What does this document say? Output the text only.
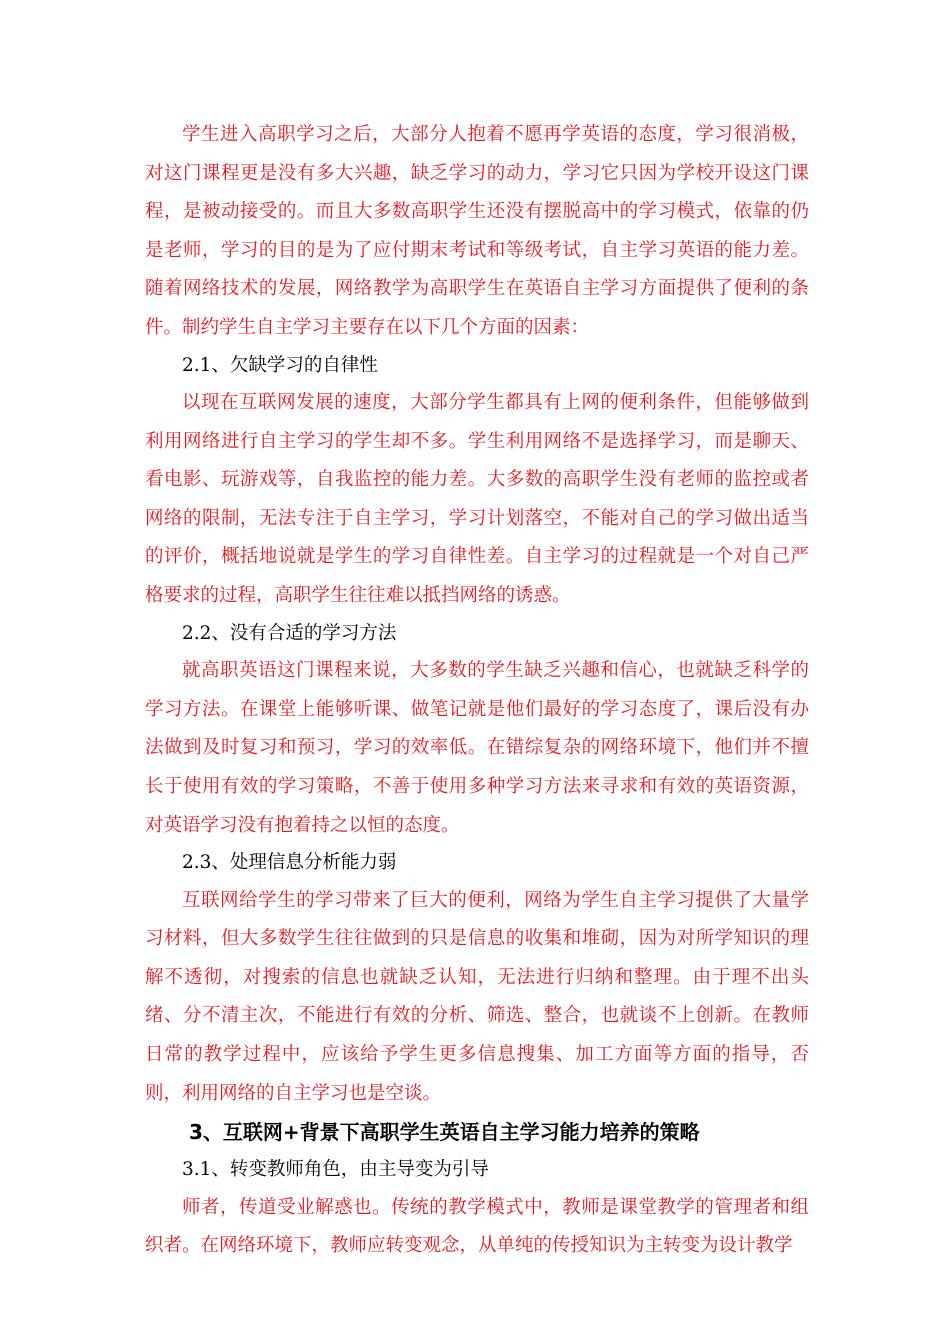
学生进入高职学习之后，大部分人抱着不愿再学英语的态度，学习很消极，对这门课程更是没有多大兴趣，缺乏学习的动力，学习它只因为学校开设这门课程，是被动接受的。而且大多数高职学生还没有摆脱高中的学习模式，依靠的仍是老师，学习的目的是为了应付期末考试和等级考试，自主学习英语的能力差。随着网络技术的发展，网络教学为高职学生在英语自主学习方面提供了便利的条件。制约学生自主学习主要存在以下几个方面的因素：

2.1、欠缺学习的自律性

以现在互联网发展的速度，大部分学生都具有上网的便利条件，但能够做到利用网络进行自主学习的学生却不多。学生利用网络不是选择学习，而是聊天、看电影、玩游戏等，自我监控的能力差。大多数的高职学生没有老师的监控或者网络的限制，无法专注于自主学习，学习计划落空，不能对自己的学习做出适当的评价，概括地说就是学生的学习自律性差。自主学习的过程就是一个对自己严格要求的过程，高职学生往往难以抵挡网络的诱惑。

2.2、没有合适的学习方法

就高职英语这门课程来说，大多数的学生缺乏兴趣和信心，也就缺乏科学的学习方法。在课堂上能够听课、做笔记就是他们最好的学习态度了，课后没有办法做到及时复习和预习，学习的效率低。在错综复杂的网络环境下，他们并不擅长于使用有效的学习策略，不善于使用多种学习方法来寻求和有效的英语资源，对英语学习没有抱着持之以恒的态度。

2.3、处理信息分析能力弱

互联网给学生的学习带来了巨大的便利，网络为学生自主学习提供了大量学习材料，但大多数学生往往做到的只是信息的收集和堆砌，因为对所学知识的理解不透彻，对搜索的信息也就缺乏认知，无法进行归纳和整理。由于理不出头绪、分不清主次，不能进行有效的分析、筛选、整合，也就谈不上创新。在教师日常的教学过程中，应该给予学生更多信息搜集、加工方面等方面的指导，否则，利用网络的自主学习也是空谈。

3、互联网+背景下高职学生英语自主学习能力培养的策略

3.1、转变教师角色，由主导变为引导

师者，传道受业解惑也。传统的教学模式中，教师是课堂教学的管理者和组织者。在网络环境下，教师应转变观念，从单纯的传授知识为主转变为设计教学
